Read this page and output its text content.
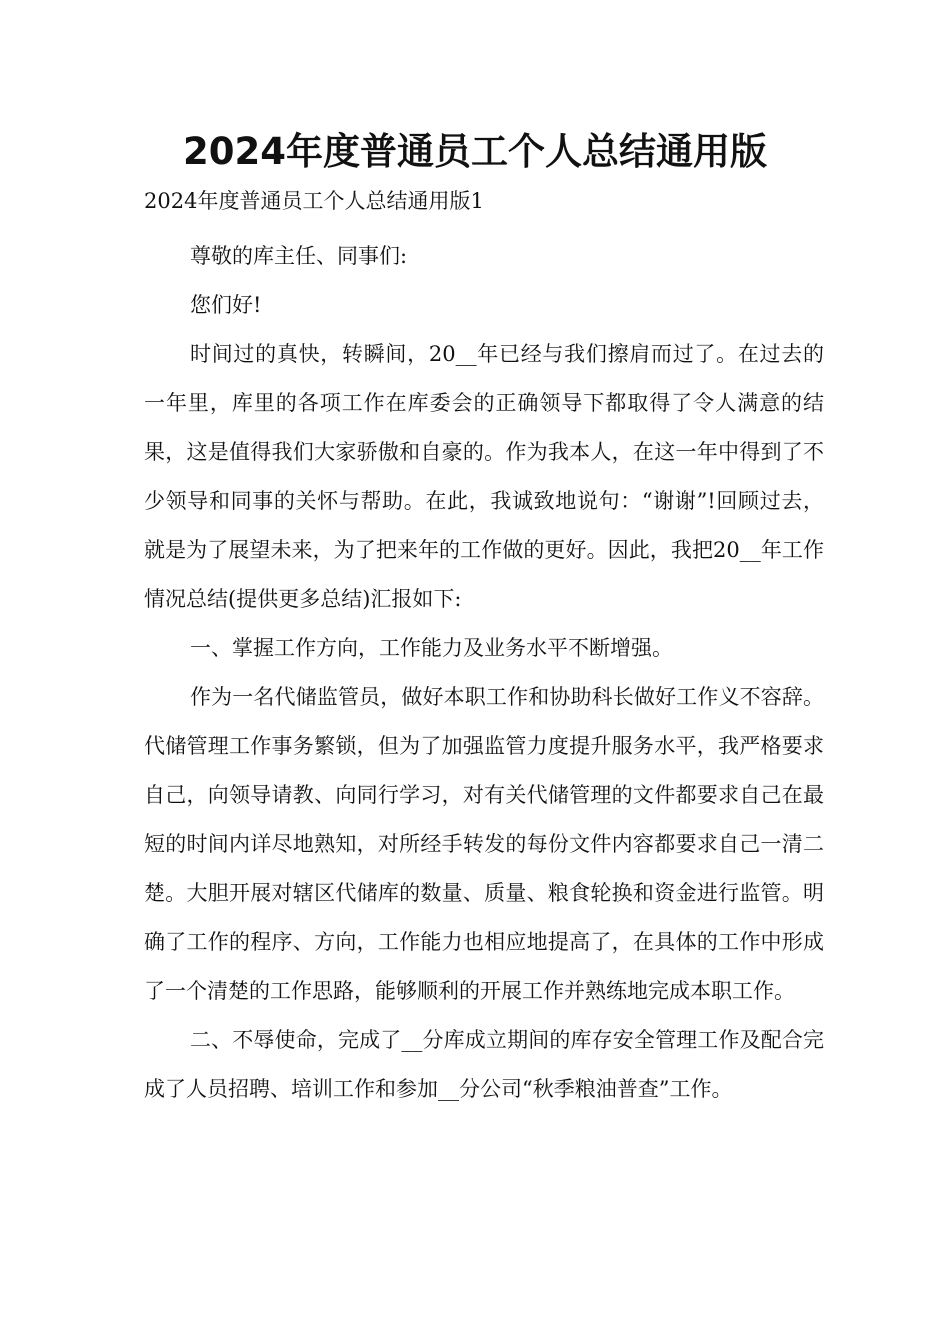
2024年度普通员工个人总结通用版

2024年度普通员工个人总结通用版1

尊敬的库主任、同事们:

您们好!

时间过的真快，转瞬间，20__年已经与我们擦肩而过了。在过去的一年里，库里的各项工作在库委会的正确领导下都取得了令人满意的结果，这是值得我们大家骄傲和自豪的。作为我本人，在这一年中得到了不少领导和同事的关怀与帮助。在此，我诚致地说句：“谢谢”!回顾过去，就是为了展望未来，为了把来年的工作做的更好。因此，我把20__年工作情况总结(提供更多总结)汇报如下:

一、掌握工作方向，工作能力及业务水平不断增强。

作为一名代储监管员，做好本职工作和协助科长做好工作义不容辞。代储管理工作事务繁锁，但为了加强监管力度提升服务水平，我严格要求自己，向领导请教、向同行学习，对有关代储管理的文件都要求自己在最短的时间内详尽地熟知，对所经手转发的每份文件内容都要求自己一清二楚。大胆开展对辖区代储库的数量、质量、粮食轮换和资金进行监管。明确了工作的程序、方向，工作能力也相应地提高了，在具体的工作中形成了一个清楚的工作思路，能够顺利的开展工作并熟练地完成本职工作。

二、不辱使命，完成了__分库成立期间的库存安全管理工作及配合完成了人员招聘、培训工作和参加__分公司“秋季粮油普查”工作。
